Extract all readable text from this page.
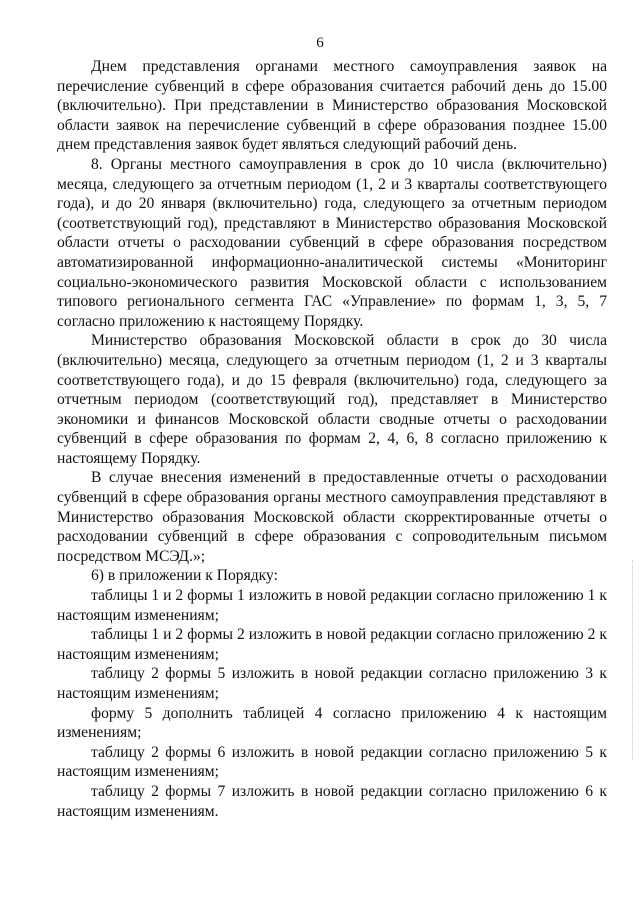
6

Днем представления органами местного самоуправления заявок на перечисление субвенций в сфере образования считается рабочий день до 15.00 (включительно). При представлении в Министерство образования Московской области заявок на перечисление субвенций в сфере образования позднее 15.00 днем представления заявок будет являться следующий рабочий день.

8. Органы местного самоуправления в срок до 10 числа (включительно) месяца, следующего за отчетным периодом (1, 2 и 3 кварталы соответствующего года), и до 20 января (включительно) года, следующего за отчетным периодом (соответствующий год), представляют в Министерство образования Московской области отчеты о расходовании субвенций в сфере образования посредством автоматизированной информационно-аналитической системы «Мониторинг социально-экономического развития Московской области с использованием типового регионального сегмента ГАС «Управление» по формам 1, 3, 5, 7 согласно приложению к настоящему Порядку.

Министерство образования Московской области в срок до 30 числа (включительно) месяца, следующего за отчетным периодом (1, 2 и 3 кварталы соответствующего года), и до 15 февраля (включительно) года, следующего за отчетным периодом (соответствующий год), представляет в Министерство экономики и финансов Московской области сводные отчеты о расходовании субвенций в сфере образования по формам 2, 4, 6, 8 согласно приложению к настоящему Порядку.

В случае внесения изменений в предоставленные отчеты о расходовании субвенций в сфере образования органы местного самоуправления представляют в Министерство образования Московской области скорректированные отчеты о расходовании субвенций в сфере образования с сопроводительным письмом посредством МСЭД.»;

6) в приложении к Порядку:

таблицы 1 и 2 формы 1 изложить в новой редакции согласно приложению 1 к настоящим изменениям;

таблицы 1 и 2 формы 2 изложить в новой редакции согласно приложению 2 к настоящим изменениям;

таблицу 2 формы 5 изложить в новой редакции согласно приложению 3 к настоящим изменениям;

форму 5 дополнить таблицей 4 согласно приложению 4 к настоящим изменениям;

таблицу 2 формы 6 изложить в новой редакции согласно приложению 5 к настоящим изменениям;

таблицу 2 формы 7 изложить в новой редакции согласно приложению 6 к настоящим изменениям.
